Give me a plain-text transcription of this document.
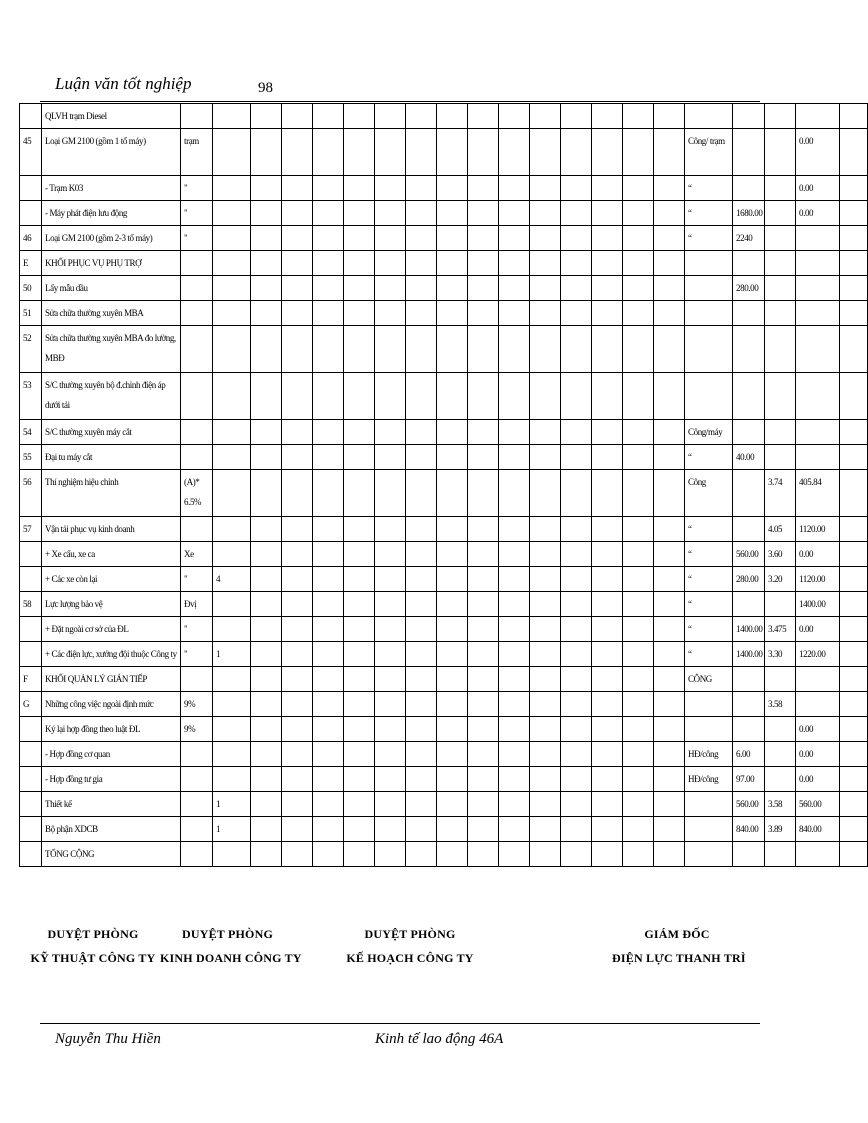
Luận văn tốt nghiệp	98
	QLVH trạm Diesel																					
45	Loại GM 2100 (gồm 1 tổ máy)	trạm																Công/ trạm			0.00	
	- Trạm K03	"																“			0.00	
	- Máy phát điện lưu động	"																“	1680.00		0.00	
46	Loại GM 2100 (gồm 2-3 tổ máy)	"																“	2240			
E	KHỐI PHỤC VỤ PHỤ TRỢ																					
50	Lấy mẫu dầu																		280.00			
51	Sửa chữa thường xuyên MBA																					
52	Sửa chữa thường xuyên MBA đo lường, MBĐ																					
53	S/C thường xuyên bộ đ.chỉnh điện áp dưới tải																					
54	S/C thường xuyên máy cắt																	Công/máy				
55	Đại tu máy cắt																	“	40.00			
56	Thí nghiệm hiệu chỉnh	(A)* 6.5%																Công		3.74	405.84	
57	Vận tải phục vụ kinh doanh																	“		4.05	1120.00	
	+ Xe cẩu, xe ca	Xe																“	560.00	3.60	0.00	
	+ Các xe còn lại	"	4															“	280.00	3.20	1120.00	
58	Lực lượng bảo vệ	Đvị																“			1400.00	
	+ Đặt ngoài cơ sở của ĐL	"																“	1400.00	3.475	0.00	
	+ Các điện lực, xưởng đội thuộc Công ty	"	1															“	1400.00	3.30	1220.00	
F	KHỐI QUẢN LÝ GIÁN TIẾP																	CÔNG				
G	Những công việc ngoài định mức	9%																		3.58		
	Ký lại hợp đồng theo luật ĐL	9%																			0.00	
	- Hợp đồng cơ quan																	HĐ/công	6.00		0.00	
	- Hợp đồng tư gia																	HĐ/công	97.00		0.00	
	Thiết kế		1																560.00	3.58	560.00	
	Bộ phận XDCB		1																840.00	3.89	840.00	
	TỔNG CỘNG																					
DUYỆT PHÒNG
KỸ THUẬT CÔNG TY
DUYỆT PHÒNG
KINH DOANH CÔNG TY
DUYỆT PHÒNG
KẾ HOẠCH CÔNG TY
GIÁM ĐỐC
ĐIỆN LỰC THANH TRÌ
Nguyễn Thu Hiền	Kinh tế lao động 46A
